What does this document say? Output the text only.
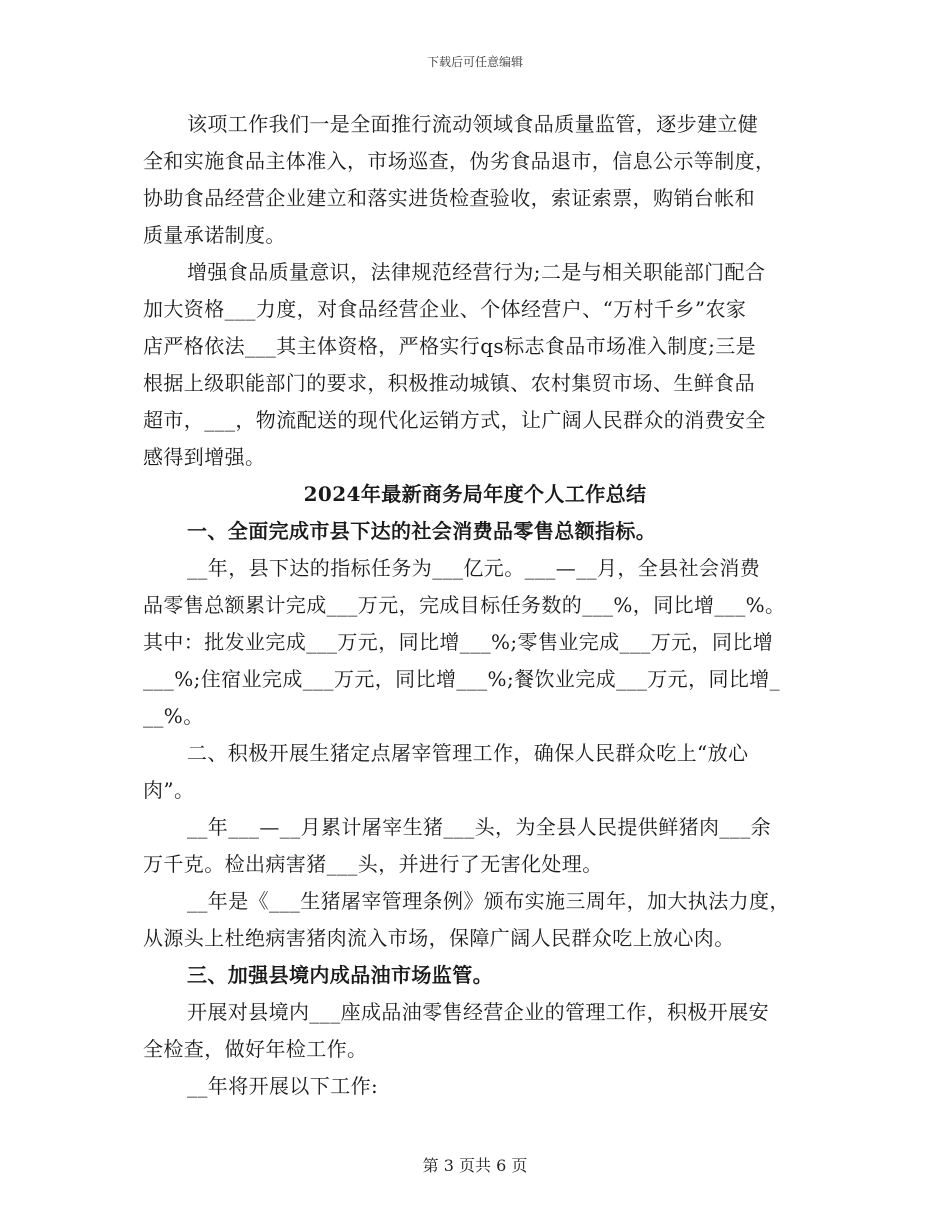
下载后可任意编辑
该项工作我们一是全面推行流动领域食品质量监管，逐步建立健
全和实施食品主体准入，市场巡查，伪劣食品退市，信息公示等制度，
协助食品经营企业建立和落实进货检查验收，索证索票，购销台帐和
质量承诺制度。
增强食品质量意识，法律规范经营行为;二是与相关职能部门配合
加大资格___力度，对食品经营企业、个体经营户、“万村千乡”农家
店严格依法___其主体资格，严格实行qs标志食品市场准入制度;三是
根据上级职能部门的要求，积极推动城镇、农村集贸市场、生鲜食品
超市，___，物流配送的现代化运销方式，让广阔人民群众的消费安全
感得到增强。
2024年最新商务局年度个人工作总结
一、全面完成市县下达的社会消费品零售总额指标。
__年，县下达的指标任务为___亿元。___—__月，全县社会消费
品零售总额累计完成___万元，完成目标任务数的___%，同比增___%。
其中：批发业完成___万元，同比增___%;零售业完成___万元，同比增
___%;住宿业完成___万元，同比增___%;餐饮业完成___万元，同比增_
__%。
二、积极开展生猪定点屠宰管理工作，确保人民群众吃上“放心
肉”。
__年___—__月累计屠宰生猪___头，为全县人民提供鲜猪肉___余
万千克。检出病害猪___头，并进行了无害化处理。
__年是《___生猪屠宰管理条例》颁布实施三周年，加大执法力度，
从源头上杜绝病害猪肉流入市场，保障广阔人民群众吃上放心肉。
三、加强县境内成品油市场监管。
开展对县境内___座成品油零售经营企业的管理工作，积极开展安
全检查，做好年检工作。
__年将开展以下工作:
第 3 页共 6 页
